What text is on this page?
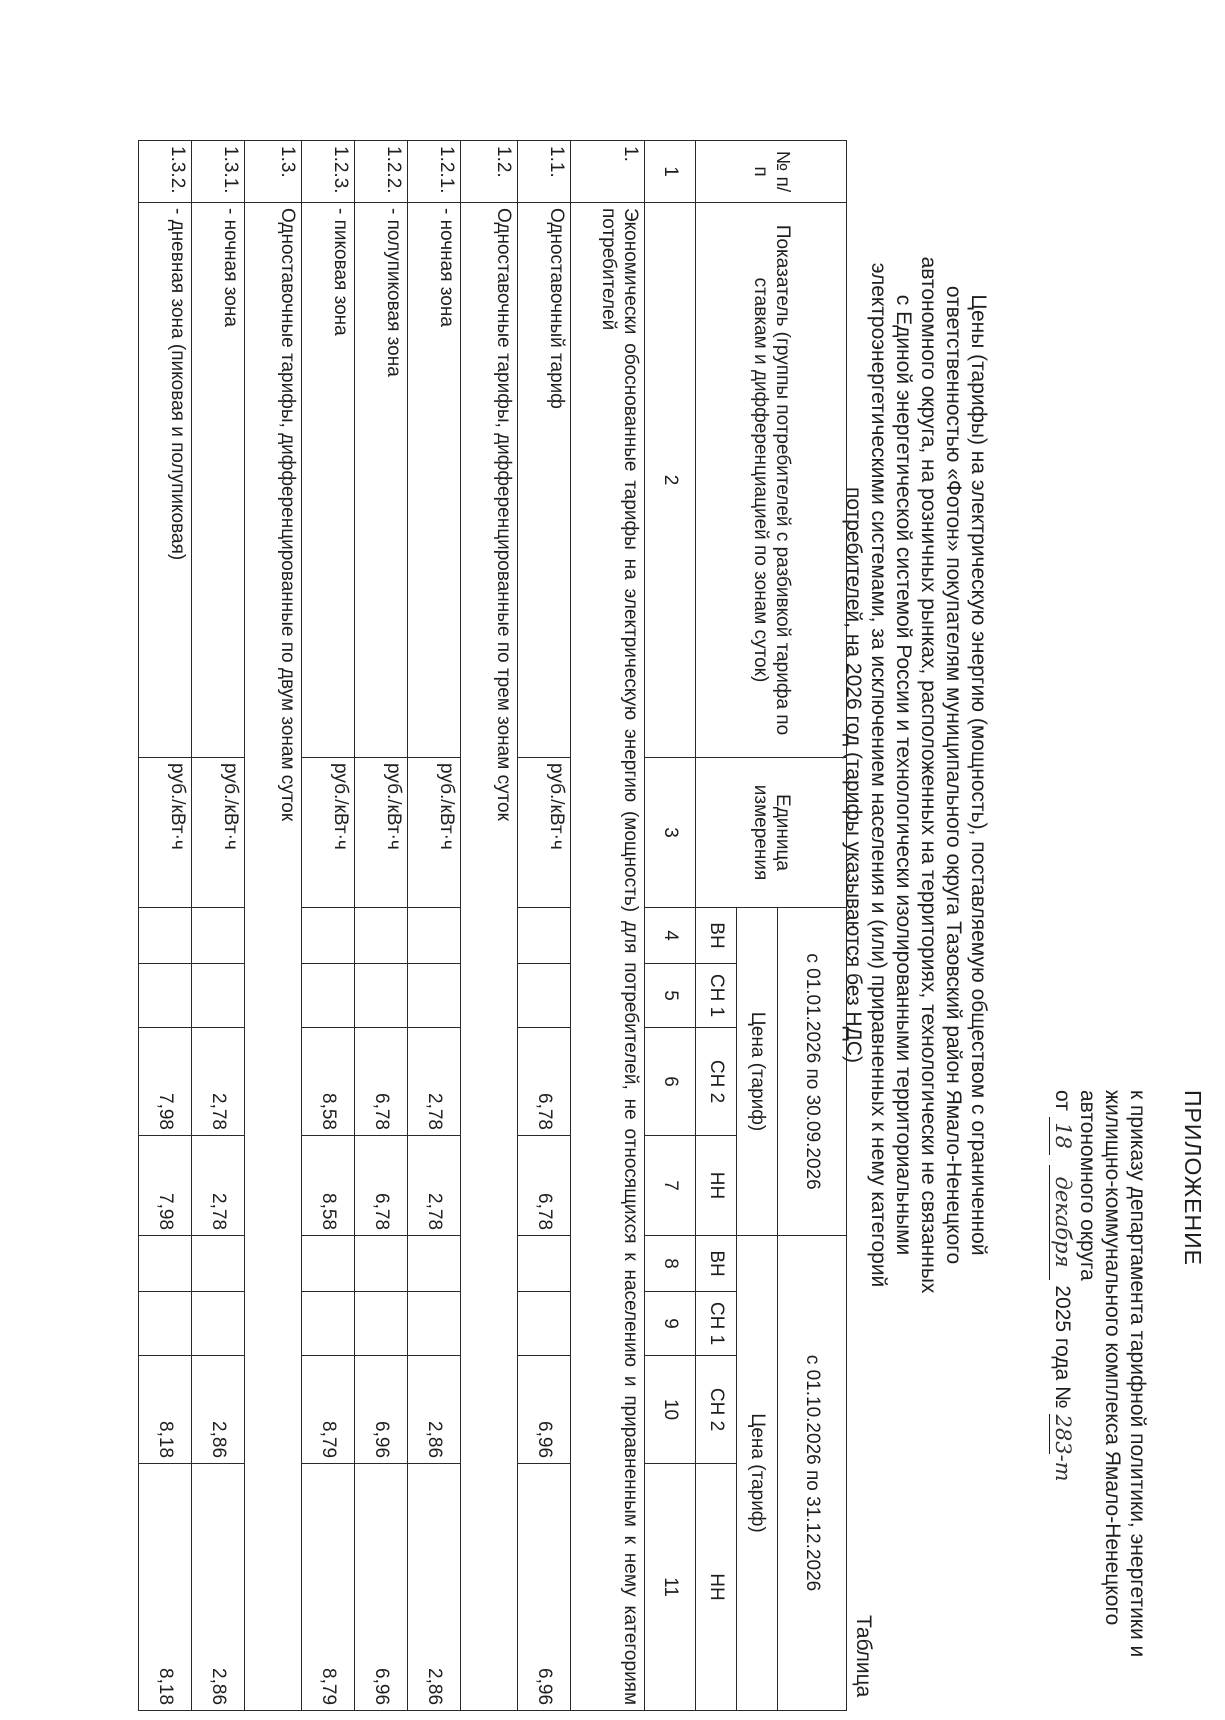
ПРИЛОЖЕНИЕ
к приказу департамента тарифной политики, энергетики и жилищно-коммунального комплекса Ямало-Ненецкого автономного округа
от 18 декабря 2025 года № 283-т
Цены (тарифы) на электрическую энергию (мощность), поставляемую обществом с ограниченной ответственностью «Фотон» покупателям муниципального округа Тазовский район Ямало-Ненецкого автономного округа, на розничных рынках, расположенных на территориях, технологически не связанных с Единой энергетической системой России и технологически изолированными территориальными электроэнергетическими системами, за исключением населения и (или) приравненных к нему категорий потребителей, на 2026 год (тарифы указываются без НДС)
Таблица
№ п/п	Показатель (группы потребителей с разбивкой тарифа по ставкам и дифференциацией по зонам суток)	Единица измерения	с 01.01.2026 по 30.09.2026				с 01.10.2026 по 31.12.2026			
			Цена (тариф)				Цена (тариф)			
			ВН	СН 1	СН 2	НН	ВН	СН 1	СН 2	НН
1	2	3	4	5	6	7	8	9	10	11
1.	Экономически обоснованные тарифы на электрическую энергию (мощность) для потребителей, не относящихся к населению и приравненным к нему категориям потребителей									
1.1.	Одноставочный тариф	руб./кВт·ч			6,78	6,78			6,96	6,96
1.2.	Одноставочные тарифы, дифференцированные по трем зонам суток									
1.2.1.	- ночная зона	руб./кВт·ч			2,78	2,78			2,86	2,86
1.2.2.	- полупиковая зона	руб./кВт·ч			6,78	6,78			6,96	6,96
1.2.3.	- пиковая зона	руб./кВт·ч			8,58	8,58			8,79	8,79
1.3.	Одноставочные тарифы, дифференцированные по двум зонам суток									
1.3.1.	- ночная зона	руб./кВт·ч			2,78	2,78			2,86	2,86
1.3.2.	- дневная зона (пиковая и полупиковая)	руб./кВт·ч			7,98	7,98			8,18	8,18
